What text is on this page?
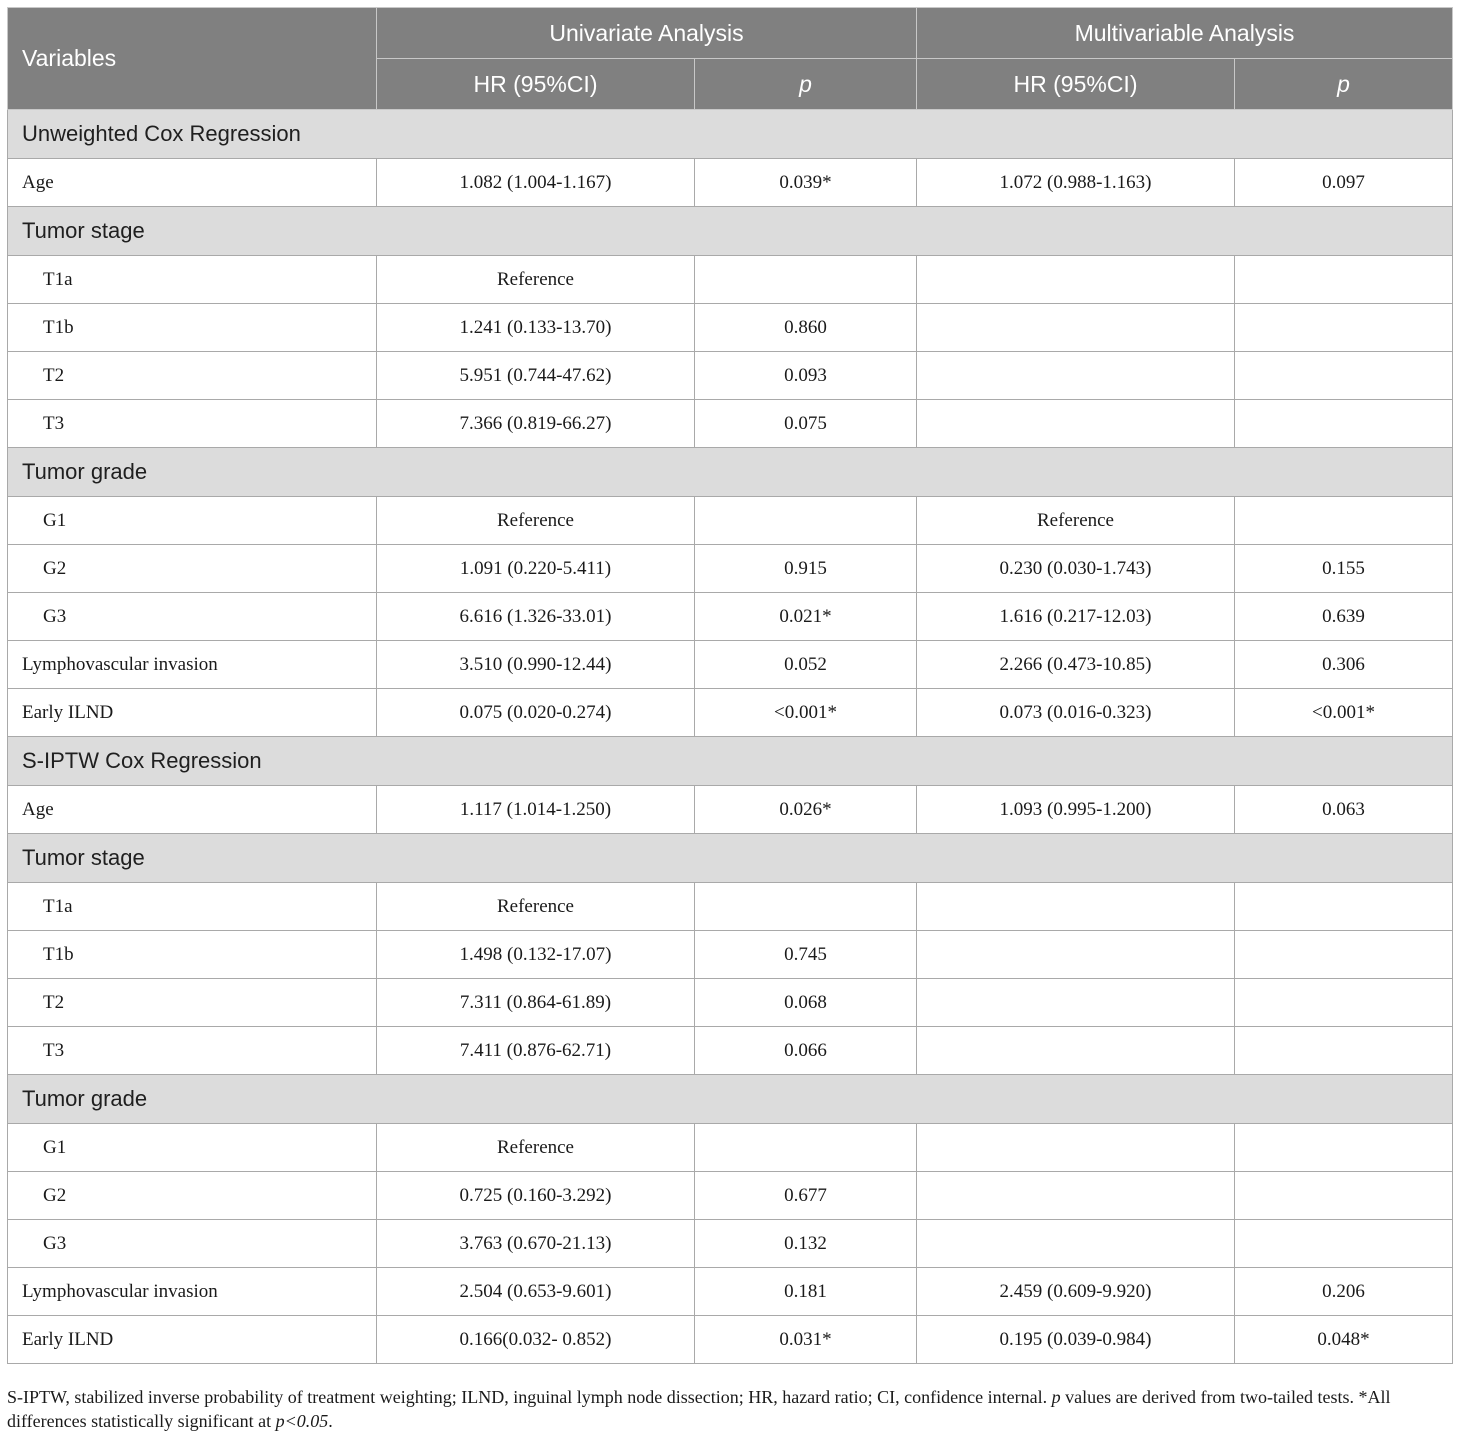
Variables	Univariate Analysis		Multivariable Analysis	
	HR (95%CI)	p	HR (95%CI)	p
Unweighted Cox Regression				
Age	1.082 (1.004-1.167)	0.039*	1.072 (0.988-1.163)	0.097
Tumor stage				
T1a	Reference			
T1b	1.241 (0.133-13.70)	0.860		
T2	5.951 (0.744-47.62)	0.093		
T3	7.366 (0.819-66.27)	0.075		
Tumor grade				
G1	Reference		Reference	
G2	1.091 (0.220-5.411)	0.915	0.230 (0.030-1.743)	0.155
G3	6.616 (1.326-33.01)	0.021*	1.616 (0.217-12.03)	0.639
Lymphovascular invasion	3.510 (0.990-12.44)	0.052	2.266 (0.473-10.85)	0.306
Early ILND	0.075 (0.020-0.274)	<0.001*	0.073 (0.016-0.323)	<0.001*
S-IPTW Cox Regression				
Age	1.117 (1.014-1.250)	0.026*	1.093 (0.995-1.200)	0.063
Tumor stage				
T1a	Reference			
T1b	1.498 (0.132-17.07)	0.745		
T2	7.311 (0.864-61.89)	0.068		
T3	7.411 (0.876-62.71)	0.066		
Tumor grade				
G1	Reference			
G2	0.725 (0.160-3.292)	0.677		
G3	3.763 (0.670-21.13)	0.132		
Lymphovascular invasion	2.504 (0.653-9.601)	0.181	2.459 (0.609-9.920)	0.206
Early ILND	0.166(0.032- 0.852)	0.031*	0.195 (0.039-0.984)	0.048*
S-IPTW, stabilized inverse probability of treatment weighting; ILND, inguinal lymph node dissection; HR, hazard ratio; CI, confidence internal. p values are derived from two-tailed tests. *All differences statistically significant at p<0.05.
